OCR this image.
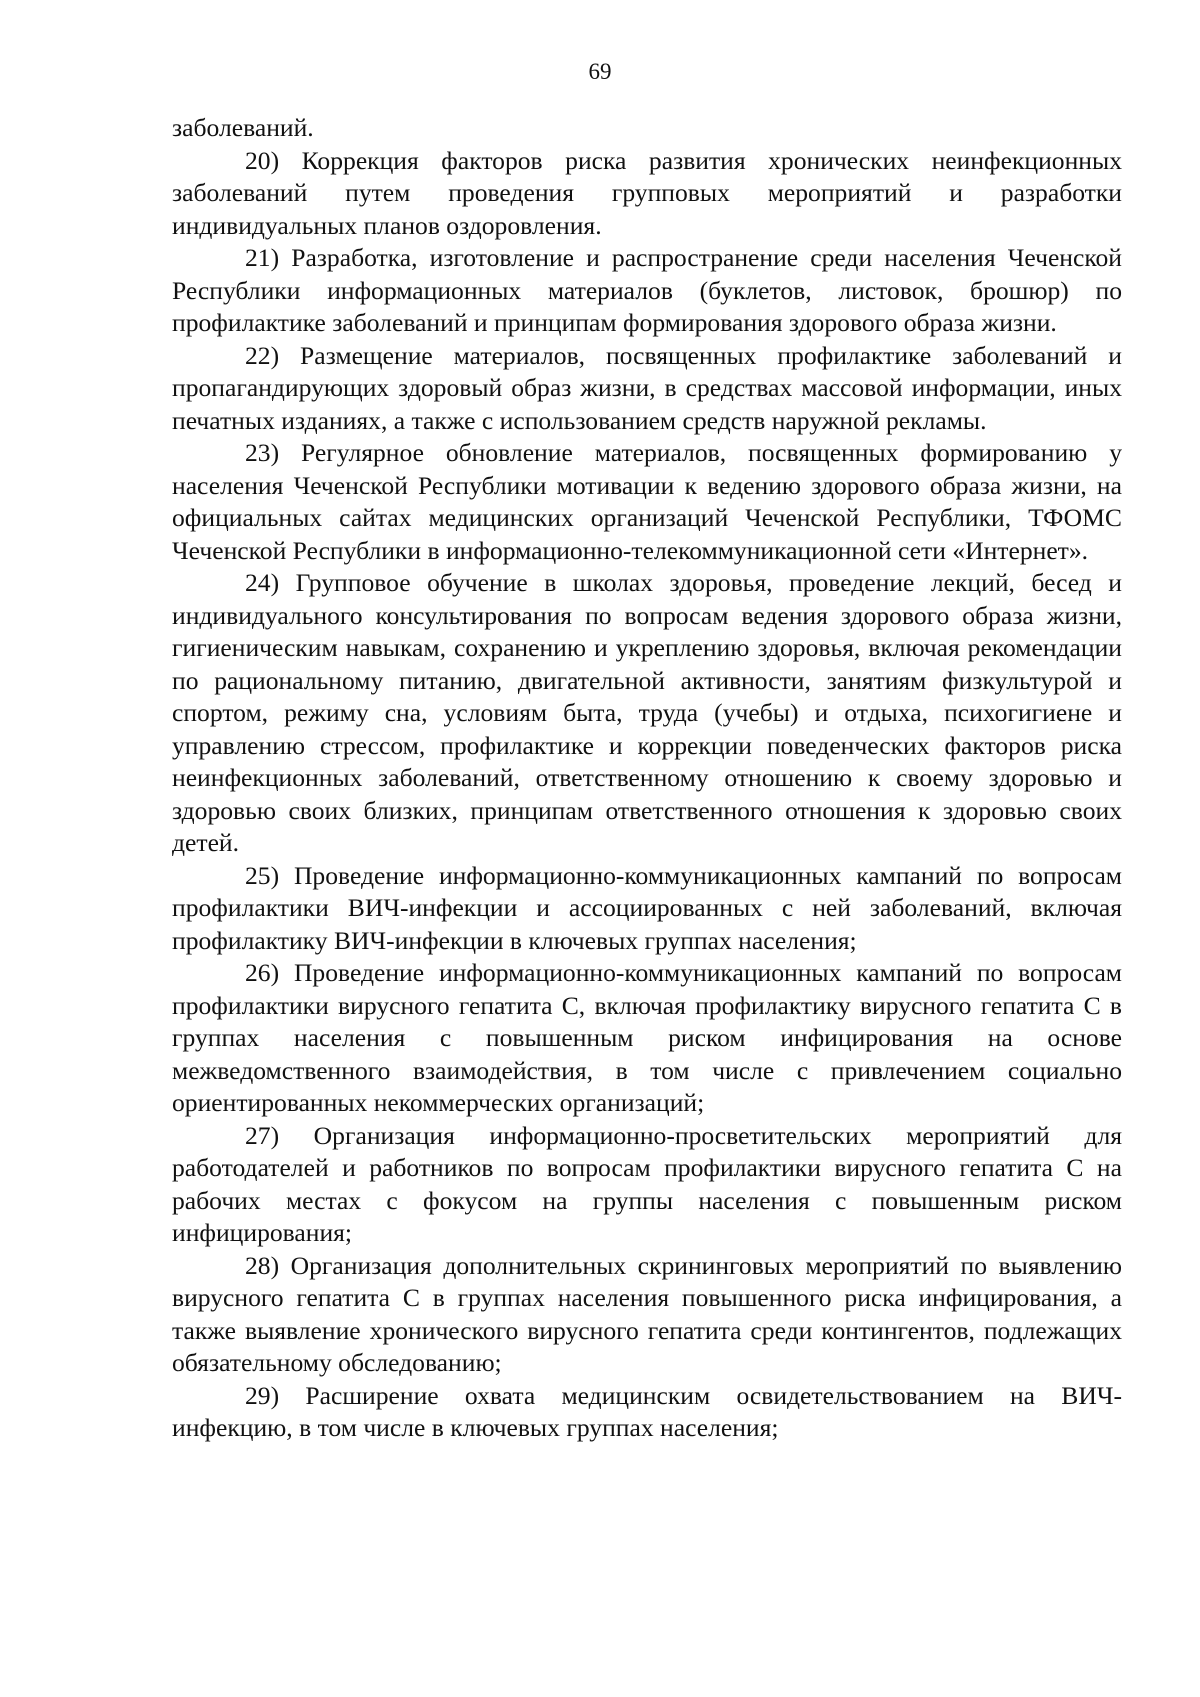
69

заболеваний.

20) Коррекция факторов риска развития хронических неинфекционных заболеваний путем проведения групповых мероприятий и разработки индивидуальных планов оздоровления.

21) Разработка, изготовление и распространение среди населения Чеченской Республики информационных материалов (буклетов, листовок, брошюр) по профилактике заболеваний и принципам формирования здорового образа жизни.

22) Размещение материалов, посвященных профилактике заболеваний и пропагандирующих здоровый образ жизни, в средствах массовой информации, иных печатных изданиях, а также с использованием средств наружной рекламы.

23) Регулярное обновление материалов, посвященных формированию у населения Чеченской Республики мотивации к ведению здорового образа жизни, на официальных сайтах медицинских организаций Чеченской Республики, ТФОМС Чеченской Республики в информационно-телекоммуникационной сети «Интернет».

24) Групповое обучение в школах здоровья, проведение лекций, бесед и индивидуального консультирования по вопросам ведения здорового образа жизни, гигиеническим навыкам, сохранению и укреплению здоровья, включая рекомендации по рациональному питанию, двигательной активности, занятиям физкультурой и спортом, режиму сна, условиям быта, труда (учебы) и отдыха, психогигиене и управлению стрессом, профилактике и коррекции поведенческих факторов риска неинфекционных заболеваний, ответственному отношению к своему здоровью и здоровью своих близких, принципам ответственного отношения к здоровью своих детей.

25) Проведение информационно-коммуникационных кампаний по вопросам профилактики ВИЧ-инфекции и ассоциированных с ней заболеваний, включая профилактику ВИЧ-инфекции в ключевых группах населения;

26) Проведение информационно-коммуникационных кампаний по вопросам профилактики вирусного гепатита С, включая профилактику вирусного гепатита С в группах населения с повышенным риском инфицирования на основе межведомственного взаимодействия, в том числе с привлечением социально ориентированных некоммерческих организаций;

27) Организация информационно-просветительских мероприятий для работодателей и работников по вопросам профилактики вирусного гепатита С на рабочих местах с фокусом на группы населения с повышенным риском инфицирования;

28) Организация дополнительных скрининговых мероприятий по выявлению вирусного гепатита С в группах населения повышенного риска инфицирования, а также выявление хронического вирусного гепатита среди контингентов, подлежащих обязательному обследованию;

29) Расширение охвата медицинским освидетельствованием на ВИЧ-инфекцию, в том числе в ключевых группах населения;
